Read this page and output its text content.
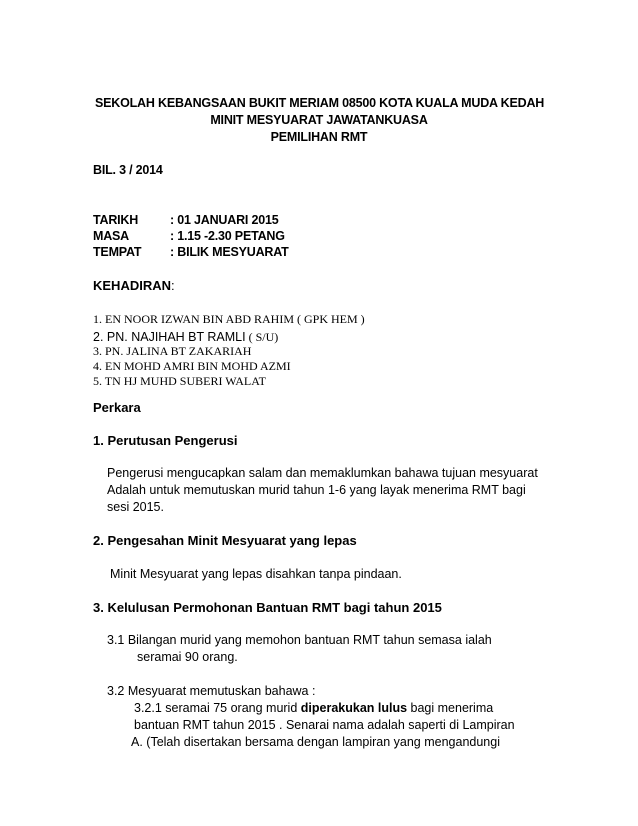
SEKOLAH KEBANGSAAN BUKIT MERIAM 08500 KOTA KUALA MUDA KEDAH
MINIT MESYUARAT JAWATANKUASA
PEMILIHAN RMT
BIL. 3 / 2014
TARIKH	: 01 JANUARI 2015
MASA	: 1.15 -2.30 PETANG
TEMPAT : BILIK MESYUARAT
KEHADIRAN:
1. EN NOOR IZWAN BIN ABD RAHIM ( GPK HEM )
2. PN. NAJIHAH BT RAMLI ( S/U)
3. PN. JALINA BT ZAKARIAH
4. EN MOHD AMRI BIN MOHD AZMI
5. TN HJ MUHD SUBERI WALAT
Perkara
1. Perutusan Pengerusi
Pengerusi mengucapkan salam dan memaklumkan bahawa tujuan mesyuarat
Adalah untuk memutuskan murid tahun 1-6 yang layak menerima RMT bagi
sesi 2015.
2. Pengesahan Minit Mesyuarat yang lepas
Minit Mesyuarat yang lepas disahkan tanpa pindaan.
3. Kelulusan Permohonan Bantuan RMT bagi tahun 2015
3.1 Bilangan murid yang memohon bantuan RMT tahun semasa ialah
seramai 90 orang.
3.2 Mesyuarat memutuskan bahawa :
3.2.1 seramai 75 orang murid diperakukan lulus bagi menerima
bantuan RMT tahun 2015 . Senarai nama adalah saperti di Lampiran
A. (Telah disertakan bersama dengan lampiran yang mengandungi
